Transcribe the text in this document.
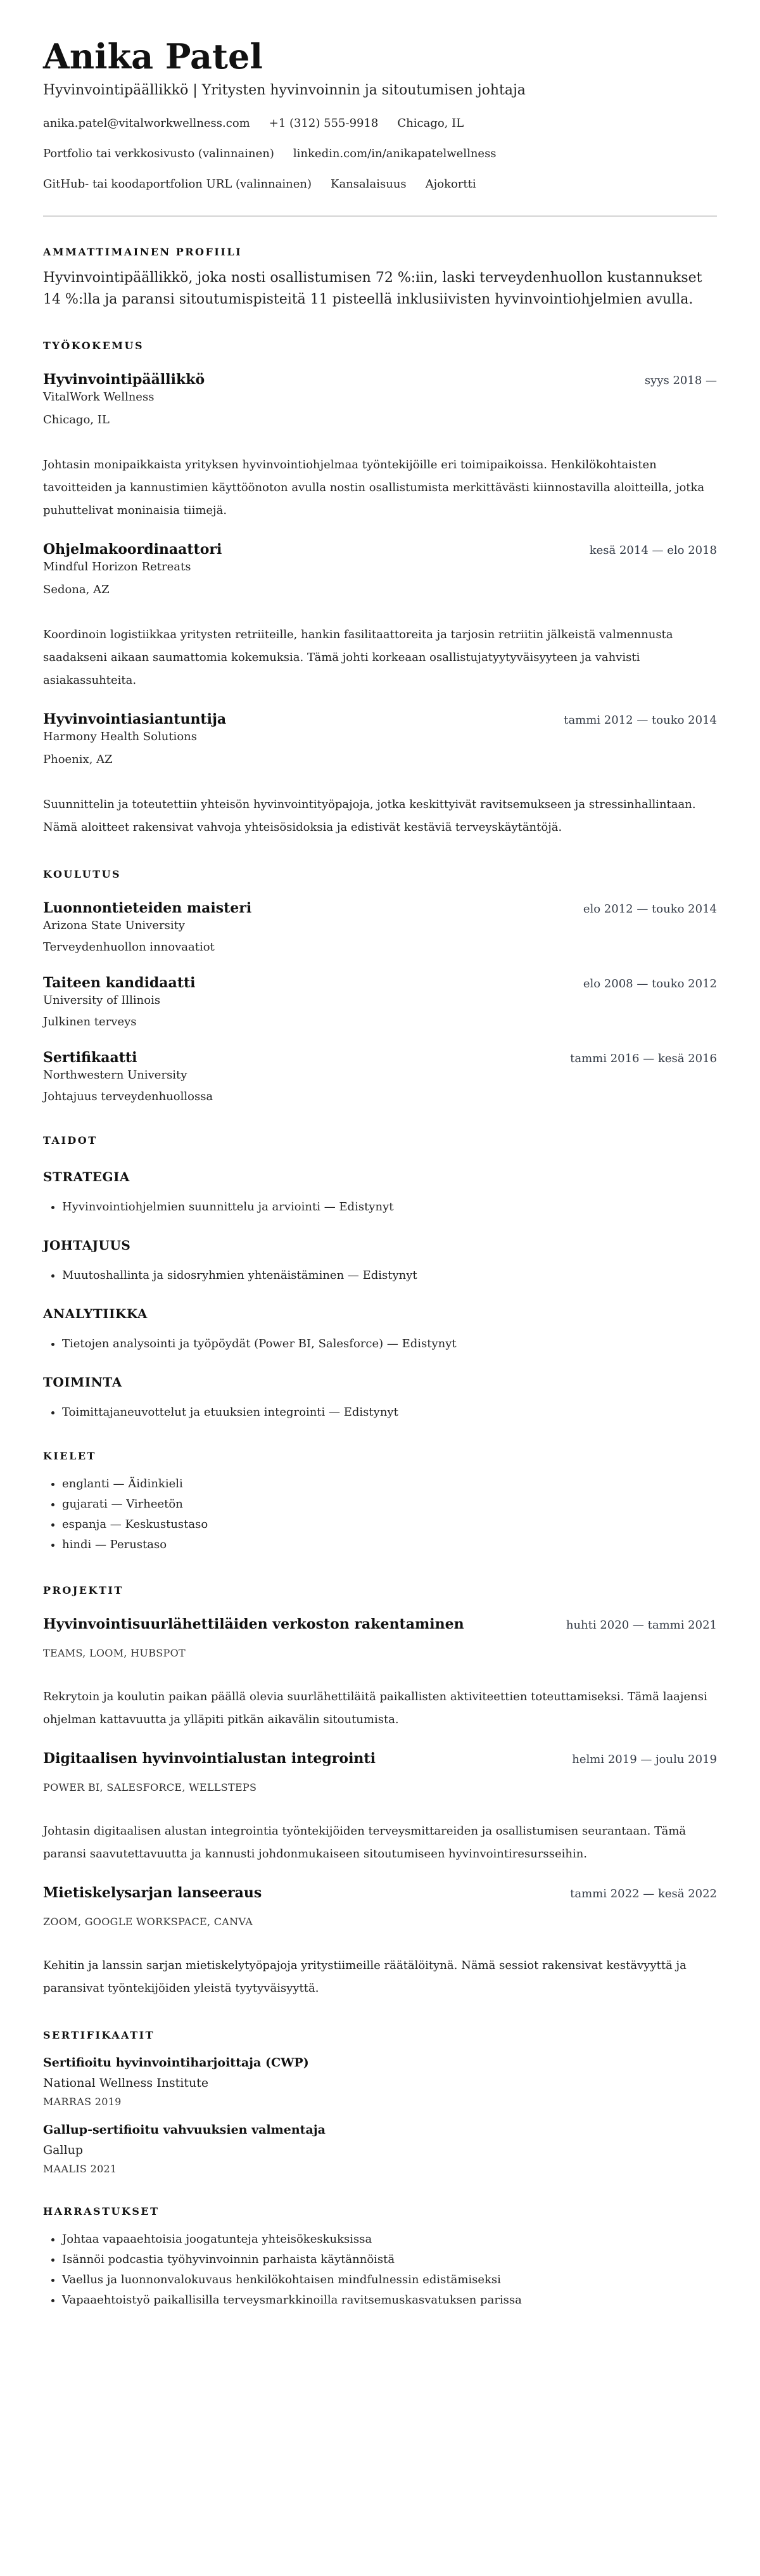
Anika Patel
Hyvinvointipäällikkö | Yritysten hyvinvoinnin ja sitoutumisen johtaja
anika.patel@vitalworkwellness.com +1 (312) 555-9918 Chicago, IL
Portfolio tai verkkosivusto (valinnainen) linkedin.com/in/anikapatelwellness
GitHub- tai koodaportfolion URL (valinnainen) Kansalaisuus Ajokortti
AMMATTIMAINEN PROFIILI

Hyvinvointipäällikkö, joka nosti osallistumisen 72 %:iin, laski terveydenhuollon kustannukset 14 %:lla ja paransi sitoutumispisteitä 11 pisteellä inklusiivisten hyvinvointiohjelmien avulla.

TYÖKOKEMUS
Hyvinvointipäällikkö	syys 2018 —
VitalWork Wellness
Chicago, IL
Johtasin monipaikkaista yrityksen hyvinvointiohjelmaa työntekijöille eri toimipaikoissa. Henkilökohtaisten tavoitteiden ja kannustimien käyttöönoton avulla nostin osallistumista merkittävästi kiinnostavilla aloitteilla, jotka puhuttelivat moninaisia tiimejä.
Ohjelmakoordinaattori	kesä 2014 — elo 2018
Mindful Horizon Retreats
Sedona, AZ
Koordinoin logistiikkaa yritysten retriiteille, hankin fasilitaattoreita ja tarjosin retriitin jälkeistä valmennusta saadakseni aikaan saumattomia kokemuksia. Tämä johti korkeaan osallistujatyytyväisyyteen ja vahvisti asiakassuhteita.
Hyvinvointiasiantuntija	tammi 2012 — touko 2014
Harmony Health Solutions
Phoenix, AZ
Suunnittelin ja toteutettiin yhteisön hyvinvointityöpajoja, jotka keskittyivät ravitsemukseen ja stressinhallintaan. Nämä aloitteet rakensivat vahvoja yhteisösidoksia ja edistivät kestäviä terveyskäytäntöjä.
KOULUTUS
Luonnontieteiden maisteri	elo 2012 — touko 2014
Arizona State University
Terveydenhuollon innovaatiot
Taiteen kandidaatti	elo 2008 — touko 2012
University of Illinois
Julkinen terveys
Sertifikaatti	tammi 2016 — kesä 2016
Northwestern University
Johtajuus terveydenhuollossa
TAIDOT
STRATEGIA
• Hyvinvointiohjelmien suunnittelu ja arviointi — Edistynyt
JOHTAJUUS
• Muutoshallinta ja sidosryhmien yhtenäistäminen — Edistynyt
ANALYTIIKKA
• Tietojen analysointi ja työpöydät (Power BI, Salesforce) — Edistynyt
TOIMINTA
• Toimittajaneuvottelut ja etuuksien integrointi — Edistynyt
KIELET
• englanti — Äidinkieli
• gujarati — Virheetön
• espanja — Keskustustaso
• hindi — Perustaso
PROJEKTIT
Hyvinvointisuurlähettiläiden verkoston rakentaminen	huhti 2020 — tammi 2021
TEAMS, LOOM, HUBSPOT
Rekrytoin ja koulutin paikan päällä olevia suurlähettiläitä paikallisten aktiviteettien toteuttamiseksi. Tämä laajensi ohjelman kattavuutta ja ylläpiti pitkän aikavälin sitoutumista.
Digitaalisen hyvinvointialustan integrointi	helmi 2019 — joulu 2019
POWER BI, SALESFORCE, WELLSTEPS
Johtasin digitaalisen alustan integrointia työntekijöiden terveysmittareiden ja osallistumisen seurantaan. Tämä paransi saavutettavuutta ja kannusti johdonmukaiseen sitoutumiseen hyvinvointiresursseihin.
Mietiskelysarjan lanseeraus	tammi 2022 — kesä 2022
ZOOM, GOOGLE WORKSPACE, CANVA
Kehitin ja lanssin sarjan mietiskelytyöpajoja yritystiimeille räätälöitynä. Nämä sessiot rakensivat kestävyyttä ja paransivat työntekijöiden yleistä tyytyväisyyttä.
SERTIFIKAATIT
Sertifioitu hyvinvointiharjoittaja (CWP)
National Wellness Institute
MARRAS 2019
Gallup-sertifioitu vahvuuksien valmentaja
Gallup
MAALIS 2021
HARRASTUKSET
• Johtaa vapaaehtoisia joogatunteja yhteisökeskuksissa
• Isännöi podcastia työhyvinvoinnin parhaista käytännöistä
• Vaellus ja luonnonvalokuvaus henkilökohtaisen mindfulnessin edistämiseksi
• Vapaaehtoistyö paikallisilla terveysmarkkinoilla ravitsemuskasvatuksen parissa
